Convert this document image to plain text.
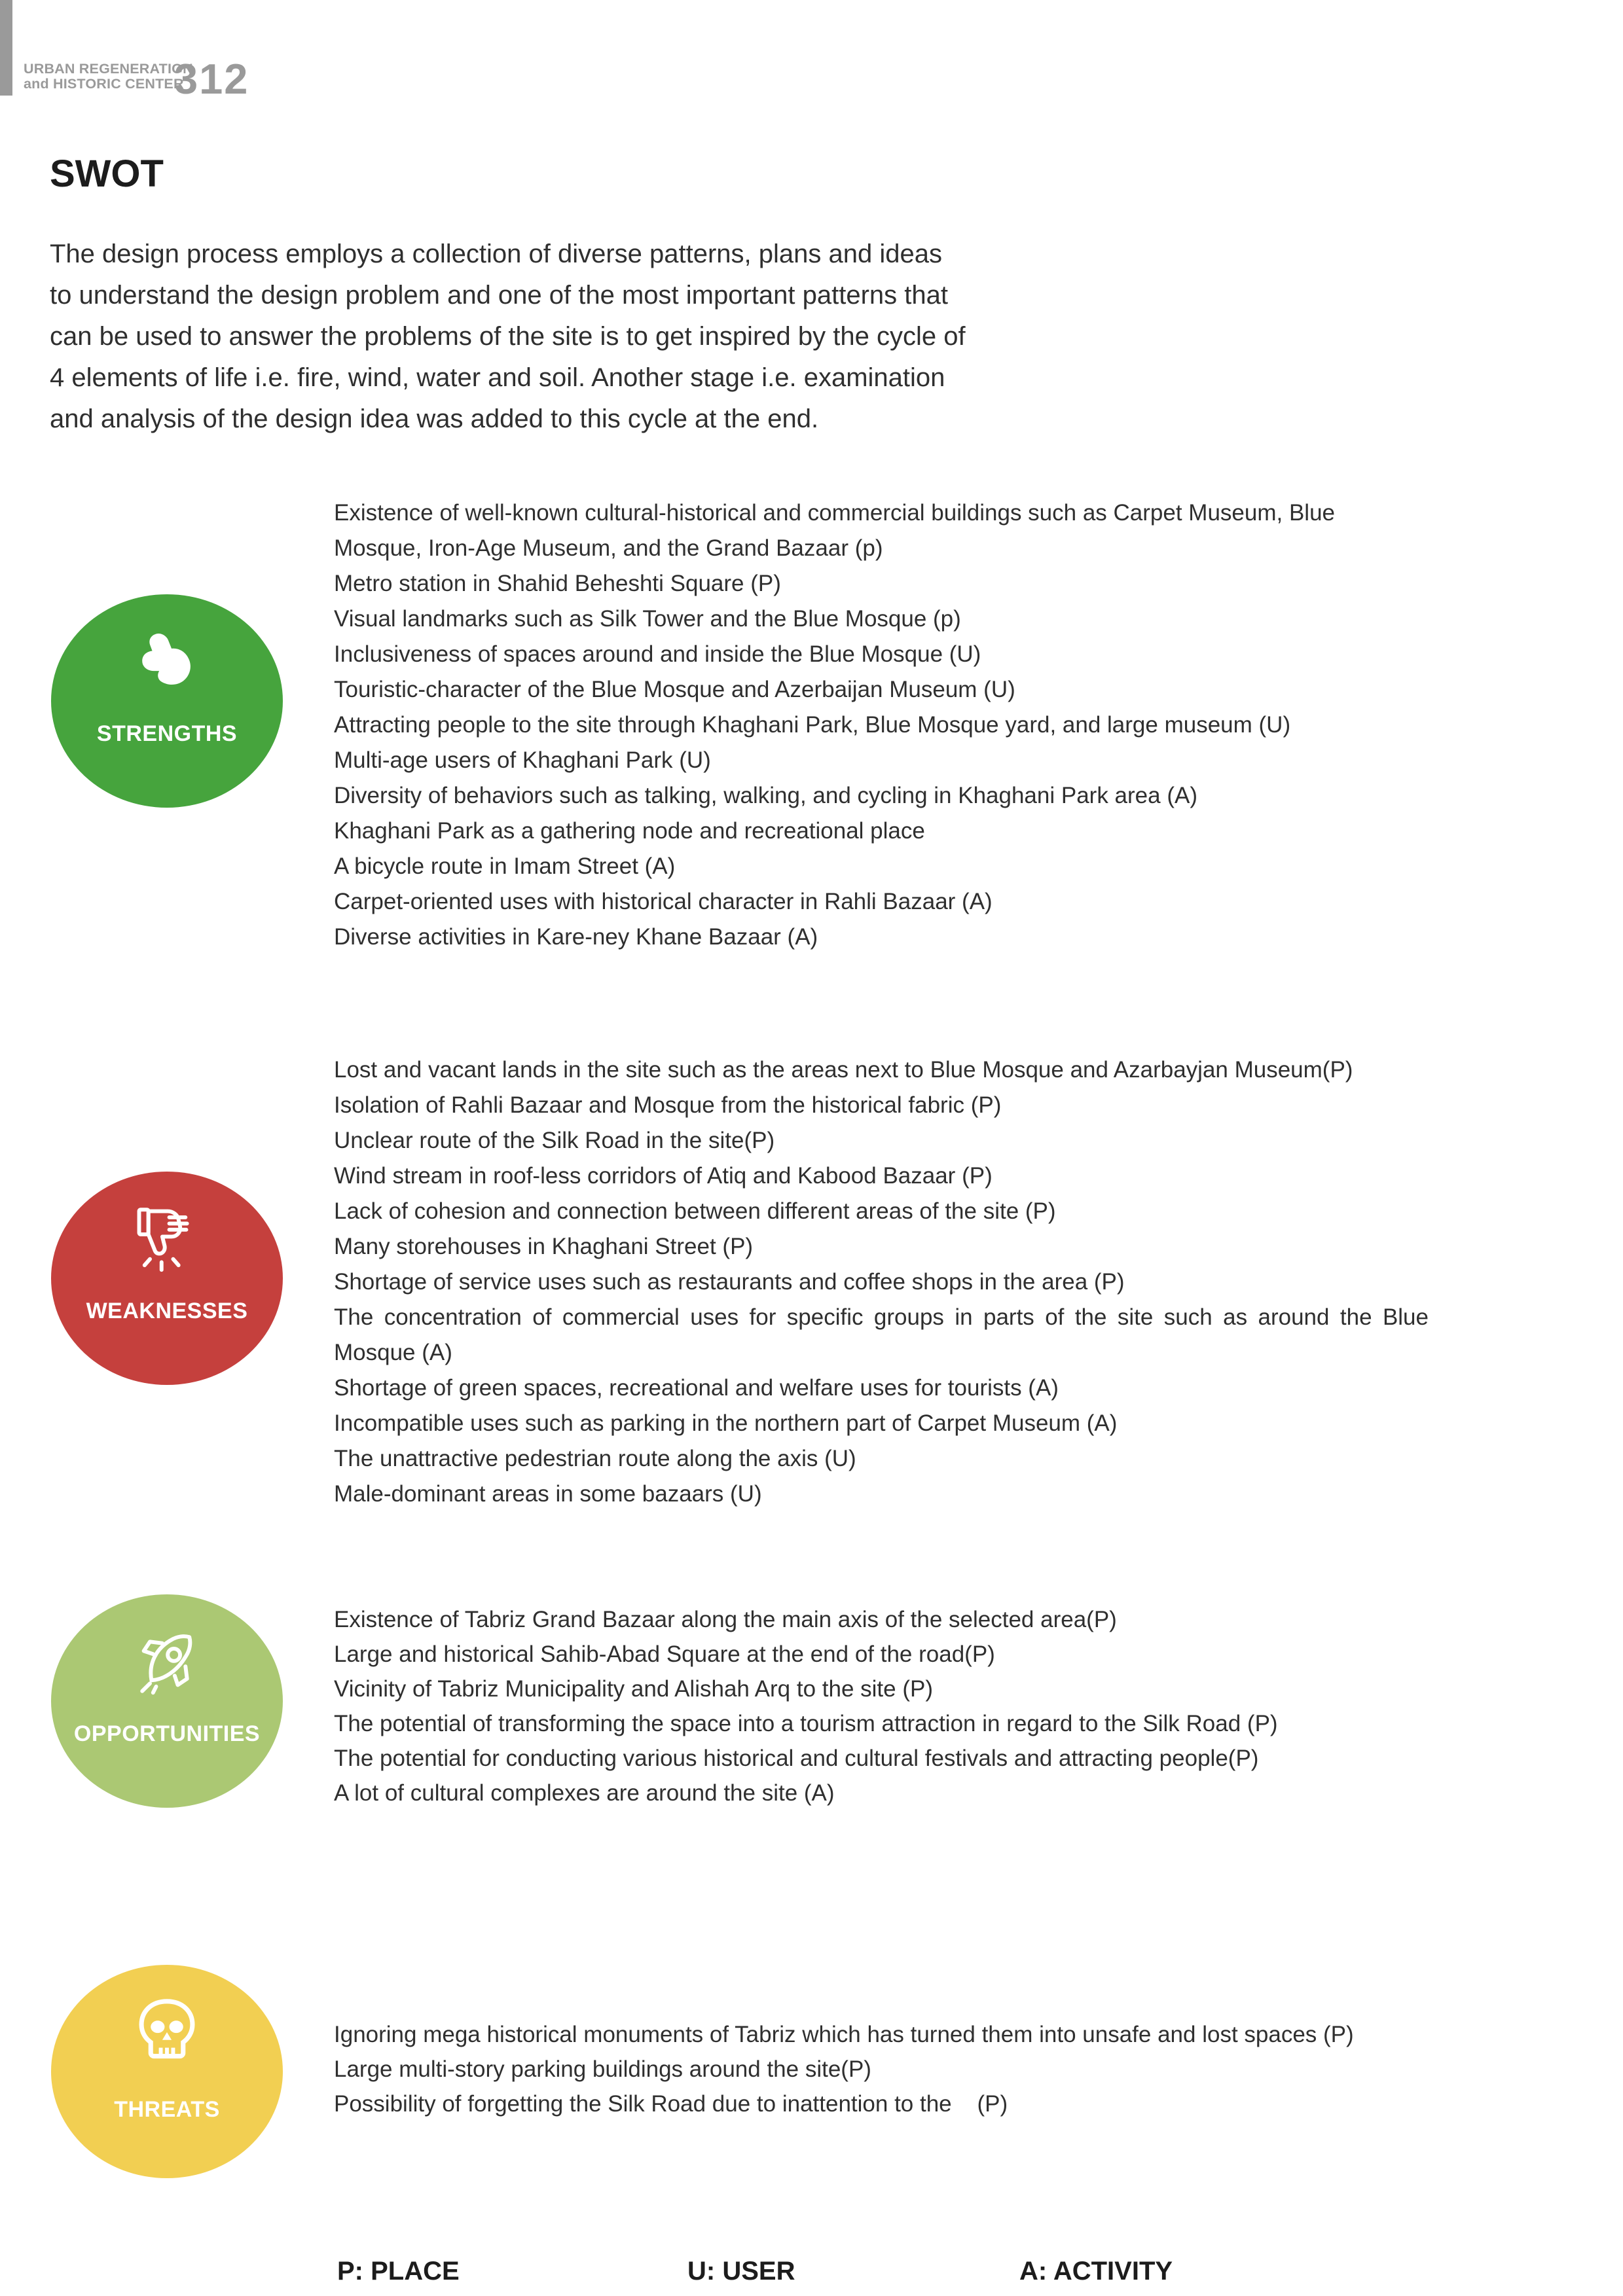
URBAN REGENERATION
and HISTORIC CENTER
312
SWOT
The design process employs a collection of diverse patterns, plans and ideas
to understand the design problem and one of the most important patterns that
can be used to answer the problems of the site is to get inspired by the cycle of
4 elements of life i.e. fire, wind, water and soil. Another stage i.e. examination
and analysis of the design idea was added to this cycle at the end.
STRENGTHS
Existence of well-known cultural-historical and commercial buildings such as Carpet Museum, Blue Mosque, Iron-Age Museum, and the Grand Bazaar (p)
Metro station in Shahid Beheshti Square (P)
Visual landmarks such as Silk Tower and the Blue Mosque (p)
Inclusiveness of spaces around and inside the Blue Mosque (U)
Touristic-character of the Blue Mosque and Azerbaijan Museum (U)
Attracting people to the site through Khaghani Park, Blue Mosque yard, and large museum (U)
Multi-age users of Khaghani Park (U)
Diversity of behaviors such as talking, walking, and cycling in Khaghani Park area (A)
Khaghani Park as a gathering node and recreational place
A bicycle route in Imam Street (A)
Carpet-oriented uses with historical character in Rahli Bazaar (A)
Diverse activities in Kare-ney Khane Bazaar (A)
WEAKNESSES
Lost and vacant lands in the site such as the areas next to Blue Mosque and Azarbayjan Museum(P)
Isolation of Rahli Bazaar and Mosque from the historical fabric (P)
Unclear route of the Silk Road in the site(P)
Wind stream in roof-less corridors of Atiq and Kabood Bazaar (P)
Lack of cohesion and connection between different areas of the site (P)
Many storehouses in Khaghani Street (P)
Shortage of service uses such as restaurants and coffee shops in the area (P)
The concentration of commercial uses for specific groups in parts of the site such as around the Blue Mosque (A)
Shortage of green spaces, recreational and welfare uses for tourists (A)
Incompatible uses such as parking in the northern part of Carpet Museum (A)
The unattractive pedestrian route along the axis (U)
Male-dominant areas in some bazaars (U)
OPPORTUNITIES
Existence of Tabriz Grand Bazaar along the main axis of the selected area(P)
Large and historical Sahib-Abad Square at the end of the road(P)
Vicinity of Tabriz Municipality and Alishah Arq to the site (P)
The potential of transforming the space into a tourism attraction in regard to the Silk Road (P)
The potential for conducting various historical and cultural festivals and attracting people(P)
A lot of cultural complexes are around the site (A)
THREATS
Ignoring mega historical monuments of Tabriz which has turned them into unsafe and lost spaces (P)
Large multi-story parking buildings around the site(P)
Possibility of forgetting the Silk Road due to inattention to the    (P)
P: PLACE	U: USER	A: ACTIVITY
